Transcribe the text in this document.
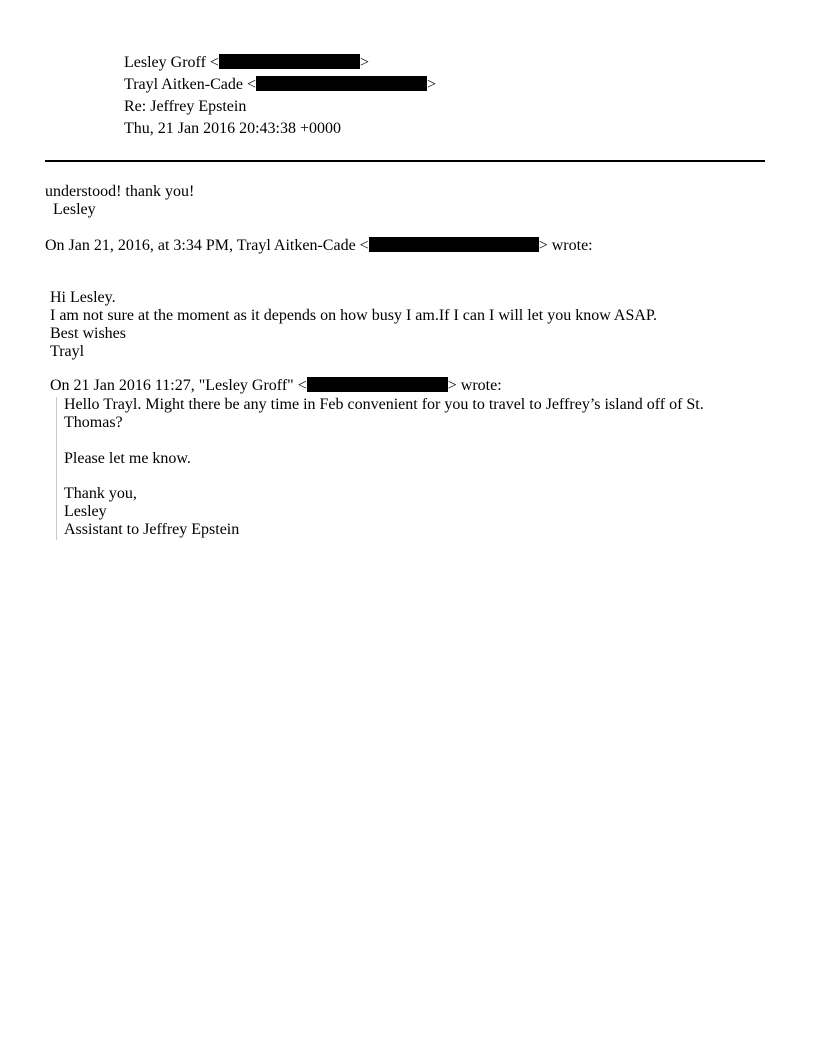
Lesley Groff <	>
Trayl Aitken-Cade <	>
Re: Jeffrey Epstein
Thu, 21 Jan 2016 20:43:38 +0000
understood! thank you!
Lesley
On Jan 21, 2016, at 3:34 PM, Trayl Aitken-Cade <	> wrote:
Hi Lesley.
I am not sure at the moment as it depends on how busy I am.If I can I will let you know ASAP.
Best wishes
Trayl
On 21 Jan 2016 11:27, "Lesley Groff" <	> wrote:
Hello Trayl. Might there be any time in Feb convenient for you to travel to Jeffrey’s island off of St.
Thomas?
Please let me know.
Thank you,
Lesley
Assistant to Jeffrey Epstein
